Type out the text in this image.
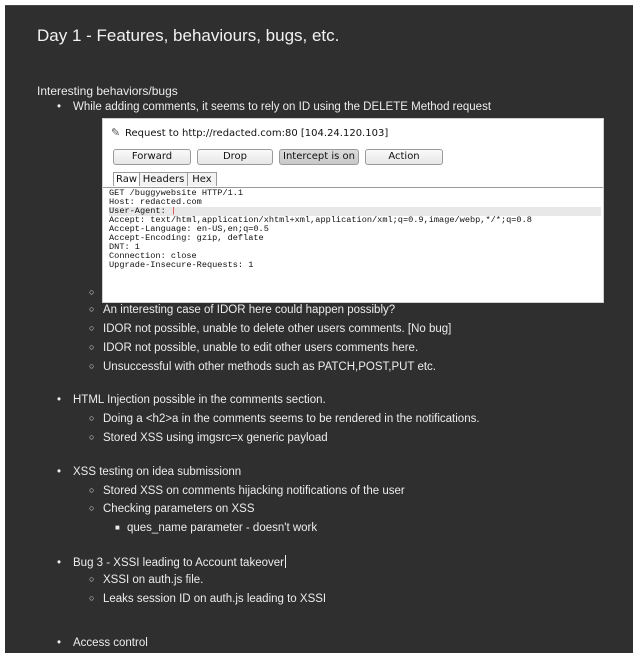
Day 1 - Features, behaviours, bugs, etc.
Interesting behaviors/bugs
• While adding comments, it seems to rely on ID using the DELETE Method request
✎ Request to http://redacted.com:80 [104.24.120.103]
Forward	Drop	Intercept is on	Action
Raw Headers Hex
GET /buggywebsite HTTP/1.1
Host: redacted.com
User-Agent: |
Accept: text/html,application/xhtml+xml,application/xml;q=0.9,image/webp,*/*;q=0.8
Accept-Language: en-US,en;q=0.5
Accept-Encoding: gzip, deflate
DNT: 1
Connection: close
Upgrade-Insecure-Requests: 1
○
○ An interesting case of IDOR here could happen possibly?
○ IDOR not possible, unable to delete other users comments. [No bug]
○ IDOR not possible, unable to edit other users comments here.
○ Unsuccessful with other methods such as PATCH,POST,PUT etc.
• HTML Injection possible in the comments section.
○ Doing a <h2>a in the comments seems to be rendered in the notifications.
○ Stored XSS using imgsrc=x generic payload
• XSS testing on idea submissionn
○ Stored XSS on comments hijacking notifications of the user
○ Checking parameters on XSS
■ ques_name parameter - doesn't work
• Bug 3 - XSSI leading to Account takeover
○ XSSI on auth.js file.
○ Leaks session ID on auth.js leading to XSSI
• Access control
